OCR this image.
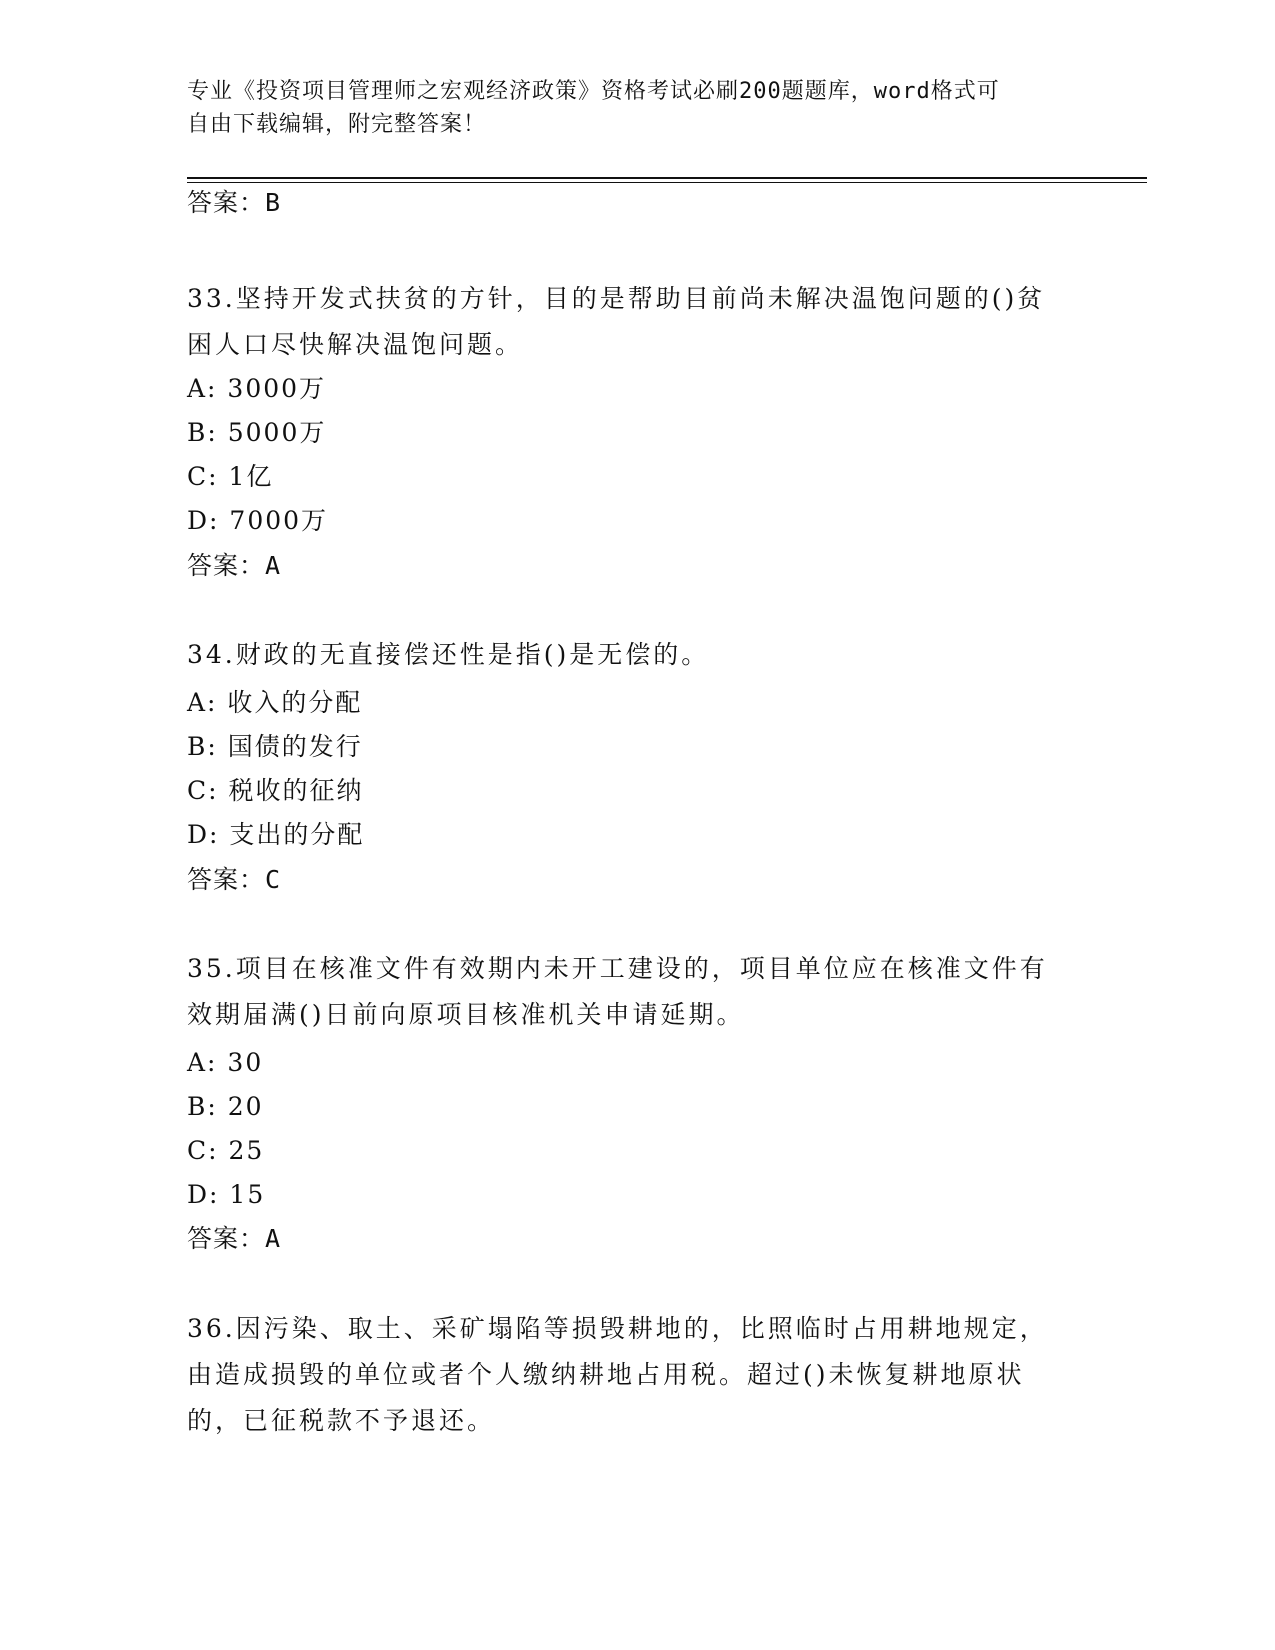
专业《投资项目管理师之宏观经济政策》资格考试必刷200题题库，word格式可
自由下载编辑，附完整答案！
答案：B
33.坚持开发式扶贫的方针，目的是帮助目前尚未解决温饱问题的()贫
困人口尽快解决温饱问题。
A: 3000万
B: 5000万
C: 1亿
D: 7000万
答案：A
34.财政的无直接偿还性是指()是无偿的。
A: 收入的分配
B: 国债的发行
C: 税收的征纳
D: 支出的分配
答案：C
35.项目在核准文件有效期内未开工建设的，项目单位应在核准文件有
效期届满()日前向原项目核准机关申请延期。
A: 30
B: 20
C: 25
D: 15
答案：A
36.因污染、取土、采矿塌陷等损毁耕地的，比照临时占用耕地规定，
由造成损毁的单位或者个人缴纳耕地占用税。超过()未恢复耕地原状
的，已征税款不予退还。
